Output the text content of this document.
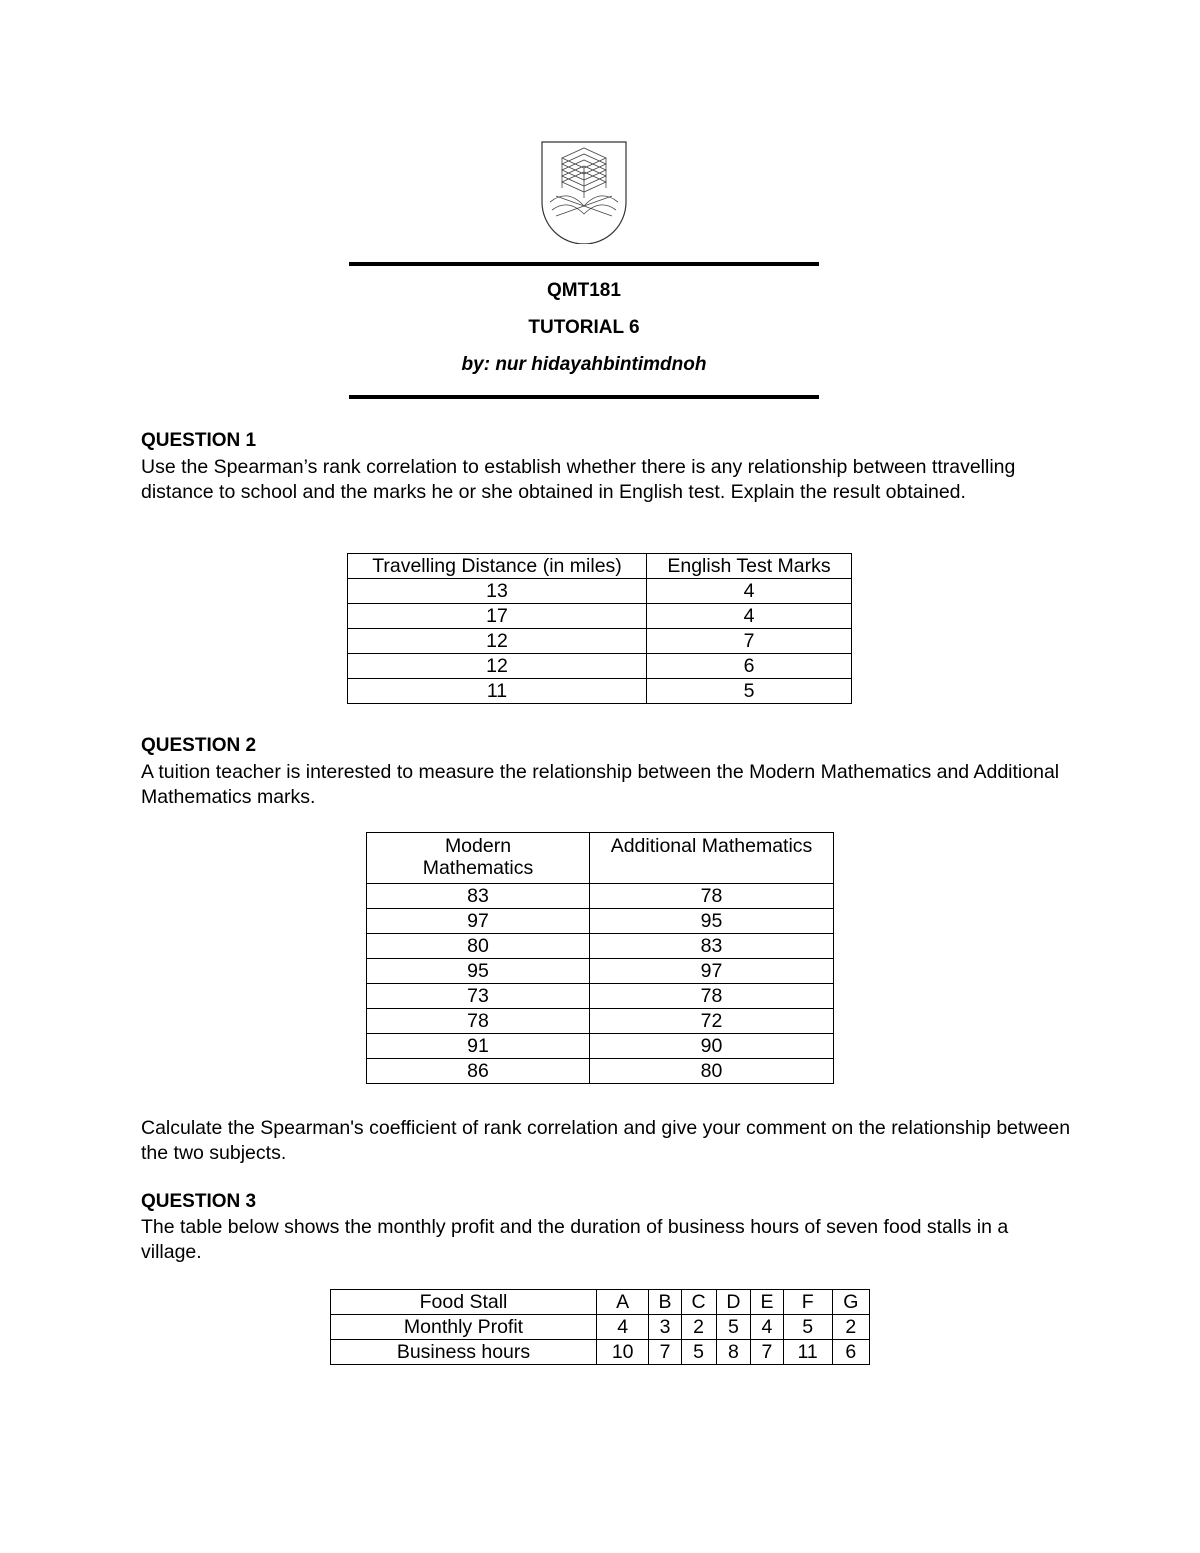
QMT181
TUTORIAL 6
by: nur hidayahbintimdnoh
QUESTION 1
Use the Spearman’s rank correlation to establish whether there is any relationship between ttravelling distance to school and the marks he or she obtained in English test. Explain the result obtained.
Travelling Distance (in miles)	English Test Marks
13	4
17	4
12	7
12	6
11	5
QUESTION 2
A tuition teacher is interested to measure the relationship between the Modern Mathematics and Additional Mathematics marks.
Modern Mathematics	Additional Mathematics
83	78
97	95
80	83
95	97
73	78
78	72
91	90
86	80
Calculate the Spearman's coefficient of rank correlation and give your comment on the relationship between the two subjects.
QUESTION 3
The table below shows the monthly profit and the duration of business hours of seven food stalls in a village.
Food Stall	A	B	C	D	E	F	G
Monthly Profit	4	3	2	5	4	5	2
Business hours	10	7	5	8	7	11	6
